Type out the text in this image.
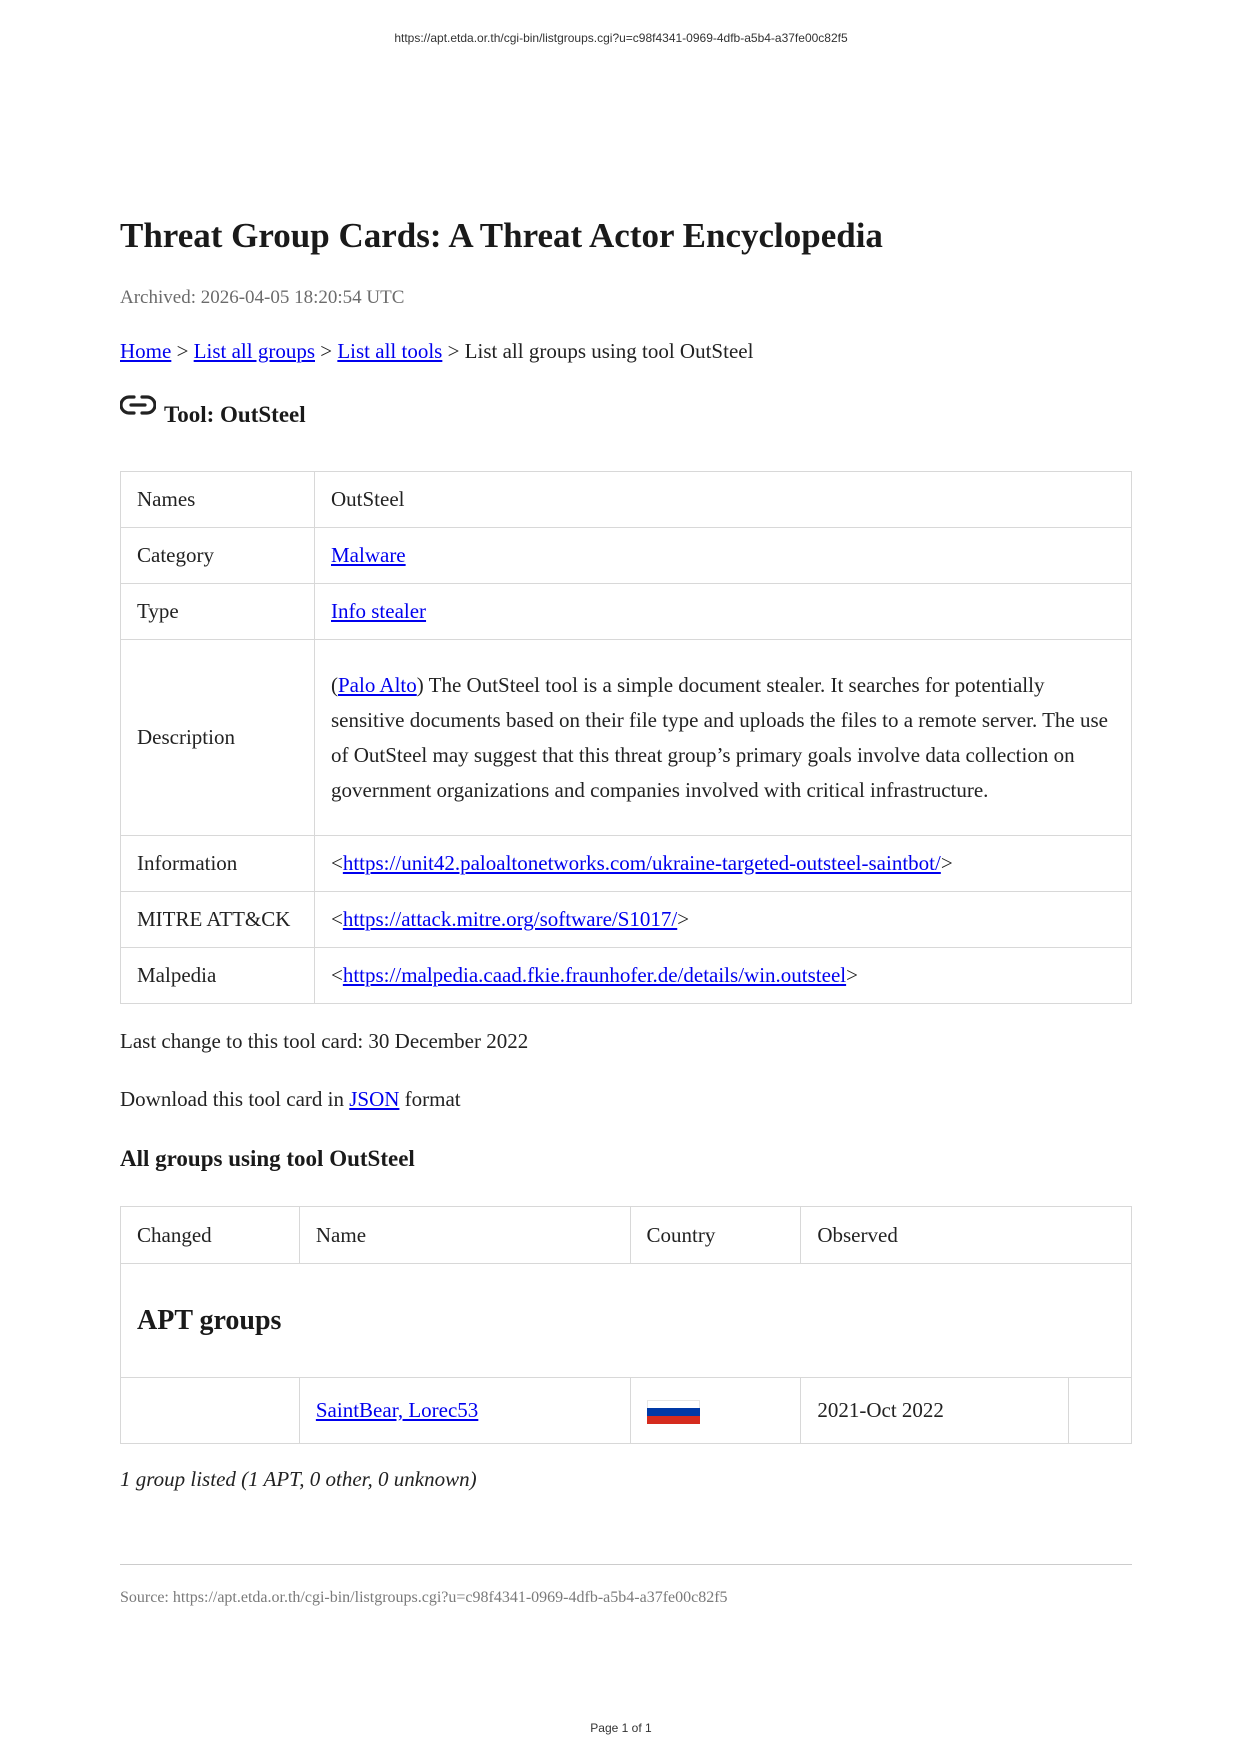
https://apt.etda.or.th/cgi-bin/listgroups.cgi?u=c98f4341-0969-4dfb-a5b4-a37fe00c82f5
Threat Group Cards: A Threat Actor Encyclopedia
Archived: 2026-04-05 18:20:54 UTC
Home > List all groups > List all tools > List all groups using tool OutSteel
Tool: OutSteel
Names	OutSteel
Category	Malware
Type	Info stealer
Description	(Palo Alto) The OutSteel tool is a simple document stealer. It searches for potentially sensitive documents based on their file type and uploads the files to a remote server. The use of OutSteel may suggest that this threat group’s primary goals involve data collection on government organizations and companies involved with critical infrastructure.
Information	<https://unit42.paloaltonetworks.com/ukraine-targeted-outsteel-saintbot/>
MITRE ATT&CK	<https://attack.mitre.org/software/S1017/>
Malpedia	<https://malpedia.caad.fkie.fraunhofer.de/details/win.outsteel>
Last change to this tool card: 30 December 2022
Download this tool card in JSON format
All groups using tool OutSteel
Changed	Name	Country	Observed	
APT groups				
	SaintBear, Lorec53		2021-Oct 2022	
1 group listed (1 APT, 0 other, 0 unknown)
Source: https://apt.etda.or.th/cgi-bin/listgroups.cgi?u=c98f4341-0969-4dfb-a5b4-a37fe00c82f5
Page 1 of 1
